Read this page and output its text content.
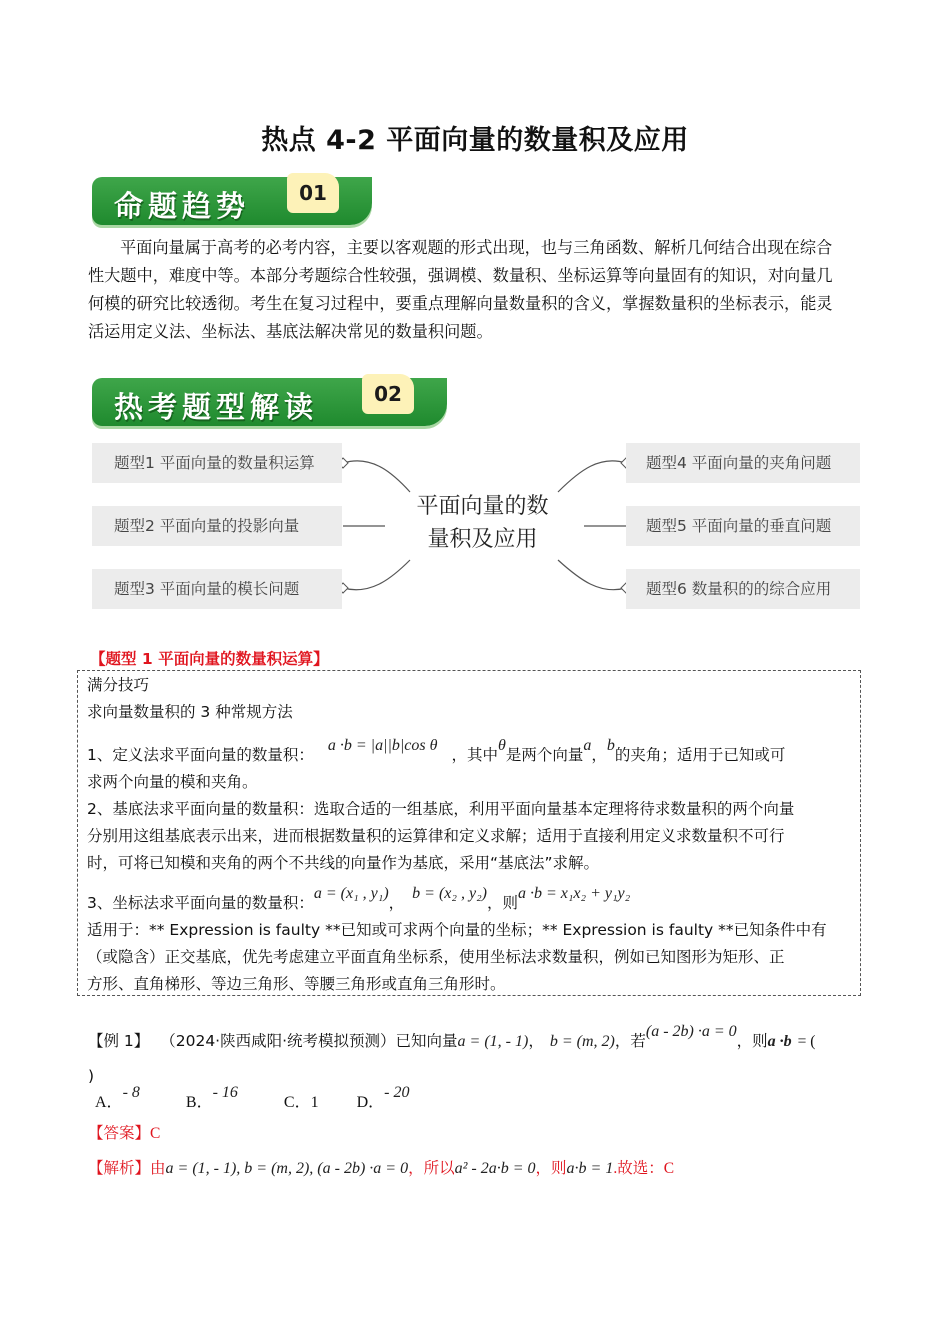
热点 4-2 平面向量的数量积及应用
命题趋势	01
平面向量属于高考的必考内容，主要以客观题的形式出现，也与三角函数、解析几何结合出现在综合
性大题中，难度中等。本部分考题综合性较强，强调模、数量积、坐标运算等向量固有的知识，对向量几
何模的研究比较透彻。考生在复习过程中，要重点理解向量数量积的含义，掌握数量积的坐标表示，能灵
活运用定义法、坐标法、基底法解决常见的数量积问题。
热考题型解读	02
题型1 平面向量的数量积运算
题型2 平面向量的投影向量
题型3 平面向量的模长问题
题型4 平面向量的夹角问题
题型5 平面向量的垂直问题
题型6 数量积的的综合应用
平面向量的数
量积及应用
【题型 1 平面向量的数量积运算】
满分技巧
求向量数量积的 3 种常规方法
1、定义法求平面向量的数量积：a ·b = |a||b|cos θ，其中θ是两个向量a，b的夹角；适用于已知或可
求两个向量的模和夹角。
2、基底法求平面向量的数量积：选取合适的一组基底，利用平面向量基本定理将待求数量积的两个向量
分别用这组基底表示出来，进而根据数量积的运算律和定义求解；适用于直接利用定义求数量积不可行
时，可将已知模和夹角的两个不共线的向量作为基底，采用“基底法”求解。
3、坐标法求平面向量的数量积：a = (x₁ , y₁)，b = (x₂ , y₂)，则a ·b = x₁x₂ + y₁y₂
适用于：** Expression is faulty **已知或可求两个向量的坐标；** Expression is faulty **已知条件中有
（或隐含）正交基底，优先考虑建立平面直角坐标系，使用坐标法求数量积，例如已知图形为矩形、正
方形、直角梯形、等边三角形、等腰三角形或直角三角形时。
【例 1】 （2024·陕西咸阳·统考模拟预测）已知向量a = (1, - 1)， b = (m, 2)，若(a - 2b) ·a = 0，则a ·b = (
)
A．- 8  B．- 16  C．1 D．- 20
【答案】C
【解析】由a = (1, - 1), b = (m, 2), (a - 2b) ·a = 0，所以a² - 2a·b = 0，则a·b = 1.故选：C
